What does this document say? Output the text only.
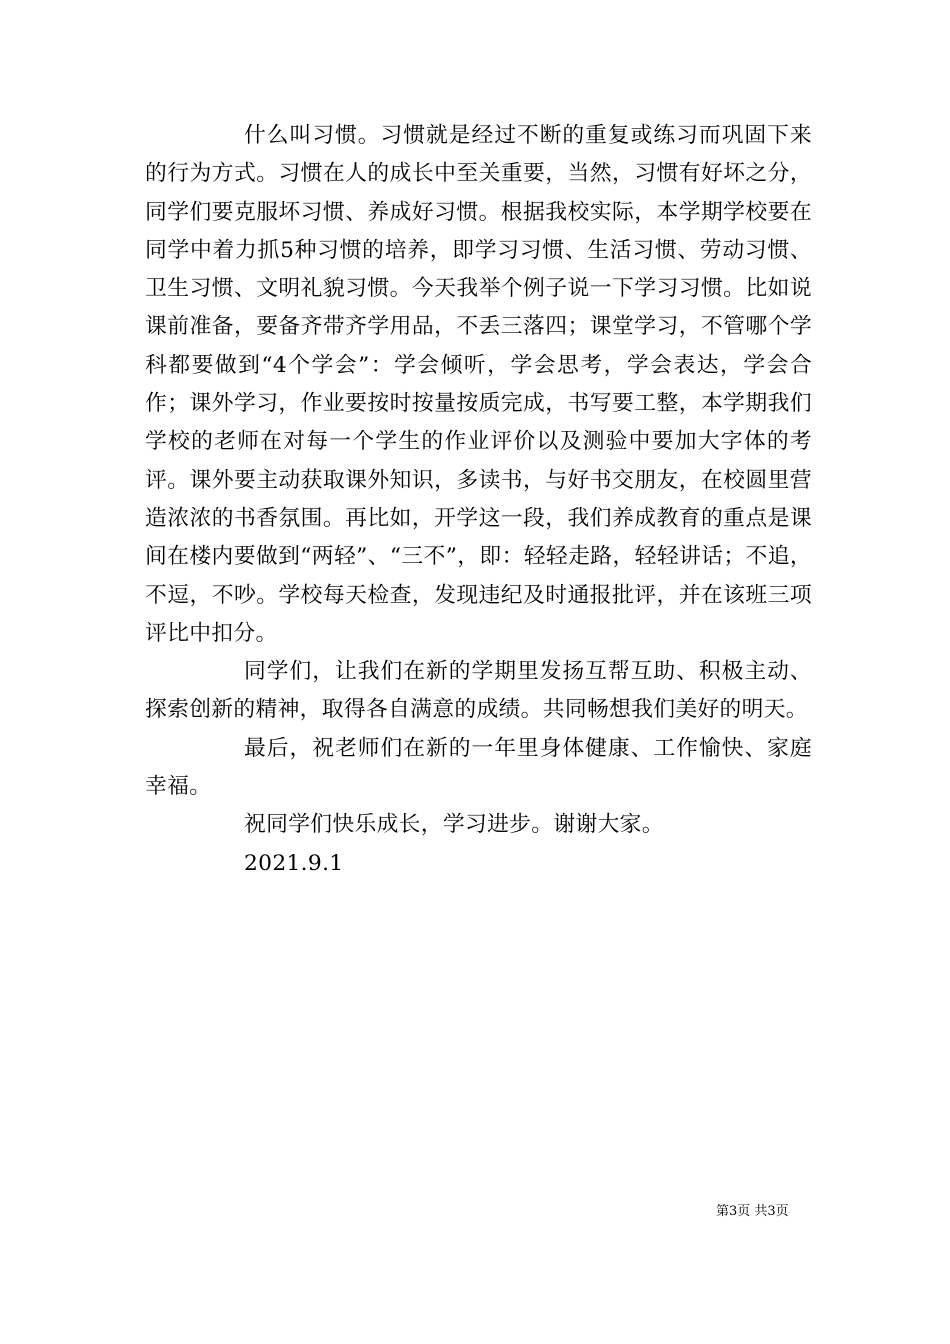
什么叫习惯。习惯就是经过不断的重复或练习而巩固下来的行为方式。习惯在人的成长中至关重要，当然，习惯有好坏之分，同学们要克服坏习惯、养成好习惯。根据我校实际，本学期学校要在同学中着力抓5种习惯的培养，即学习习惯、生活习惯、劳动习惯、卫生习惯、文明礼貌习惯。今天我举个例子说一下学习习惯。比如说课前准备，要备齐带齐学用品，不丢三落四；课堂学习，不管哪个学科都要做到“4个学会”：学会倾听，学会思考，学会表达，学会合作；课外学习，作业要按时按量按质完成，书写要工整，本学期我们学校的老师在对每一个学生的作业评价以及测验中要加大字体的考评。课外要主动获取课外知识，多读书，与好书交朋友，在校圆里营造浓浓的书香氛围。再比如，开学这一段，我们养成教育的重点是课间在楼内要做到“两轻”、“三不”，即：轻轻走路，轻轻讲话；不追，不逗，不吵。学校每天检查，发现违纪及时通报批评，并在该班三项评比中扣分。

同学们，让我们在新的学期里发扬互帮互助、积极主动、探索创新的精神，取得各自满意的成绩。共同畅想我们美好的明天。

最后，祝老师们在新的一年里身体健康、工作愉快、家庭幸福。

祝同学们快乐成长，学习进步。谢谢大家。

2021.9.1

第3页 共3页
